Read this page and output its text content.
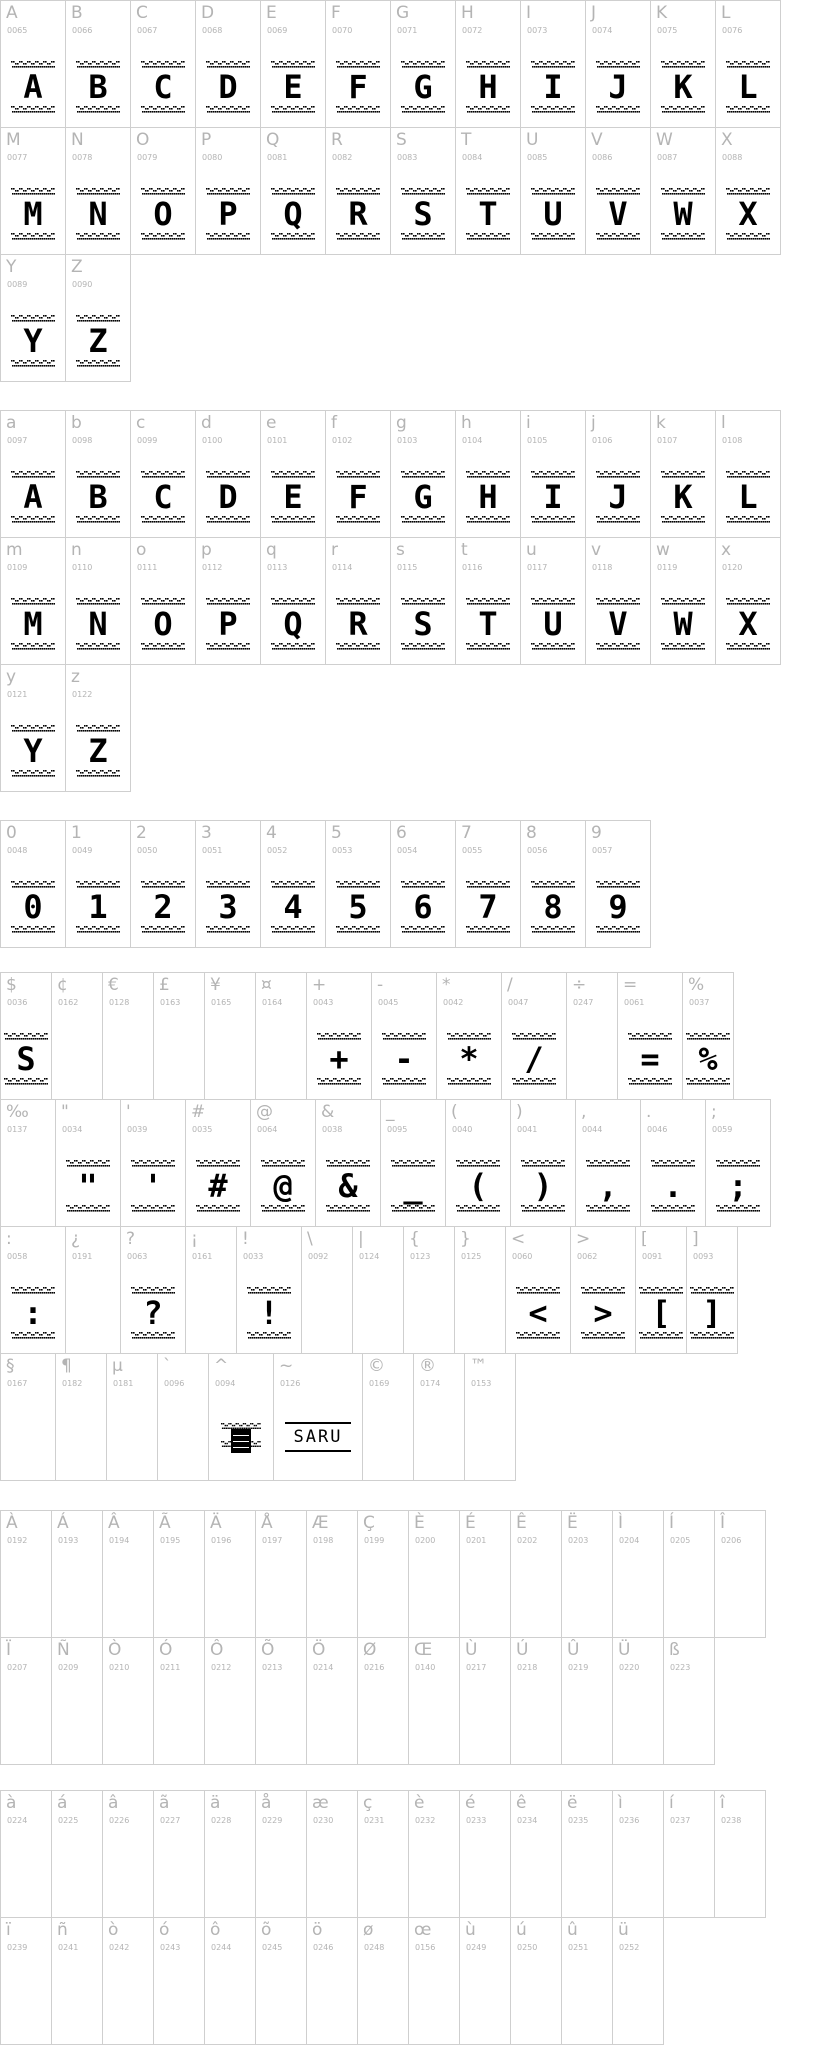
A
0065
A
B
0066
B
C
0067
C
D
0068
D
E
0069
E
F
0070
F
G
0071
G
H
0072
H
I
0073
I
J
0074
J
K
0075
K
L
0076
L
M
0077
M
N
0078
N
O
0079
O
P
0080
P
Q
0081
Q
R
0082
R
S
0083
S
T
0084
T
U
0085
U
V
0086
V
W
0087
W
X
0088
X
Y
0089
Y
Z
0090
Z
a
0097
A
b
0098
B
c
0099
C
d
0100
D
e
0101
E
f
0102
F
g
0103
G
h
0104
H
i
0105
I
j
0106
J
k
0107
K
l
0108
L
m
0109
M
n
0110
N
o
0111
O
p
0112
P
q
0113
Q
r
0114
R
s
0115
S
t
0116
T
u
0117
U
v
0118
V
w
0119
W
x
0120
X
y
0121
Y
z
0122
Z
0
0048
0
1
0049
1
2
0050
2
3
0051
3
4
0052
4
5
0053
5
6
0054
6
7
0055
7
8
0056
8
9
0057
9
$
0036
S
¢
0162
€
0128
£
0163
¥
0165
¤
0164
+
0043
+
-
0045
-
*
0042
*
/
0047
/
÷
0247
=
0061
=
%
0037
%
‰
0137
"
0034
"
'
0039
'
#
0035
#
@
0064
@
&
0038
&
_
0095
_
(
0040
(
)
0041
)
,
0044
,
.
0046
.
;
0059
;
:
0058
:
¿
0191
?
0063
?
¡
0161
!
0033
!
\
0092
|
0124
{
0123
}
0125
<
0060
<
>
0062
>
[
0091
[
]
0093
]
§
0167
¶
0182
µ
0181
`
0096
^
0094
~
0126
SARU
©
0169
®
0174
™
0153
À
0192
Á
0193
Â
0194
Ã
0195
Ä
0196
Å
0197
Æ
0198
Ç
0199
È
0200
É
0201
Ê
0202
Ë
0203
Ì
0204
Í
0205
Î
0206
Ï
0207
Ñ
0209
Ò
0210
Ó
0211
Ô
0212
Õ
0213
Ö
0214
Ø
0216
Œ
0140
Ù
0217
Ú
0218
Û
0219
Ü
0220
ß
0223
à
0224
á
0225
â
0226
ã
0227
ä
0228
å
0229
æ
0230
ç
0231
è
0232
é
0233
ê
0234
ë
0235
ì
0236
í
0237
î
0238
ï
0239
ñ
0241
ò
0242
ó
0243
ô
0244
õ
0245
ö
0246
ø
0248
œ
0156
ù
0249
ú
0250
û
0251
ü
0252
